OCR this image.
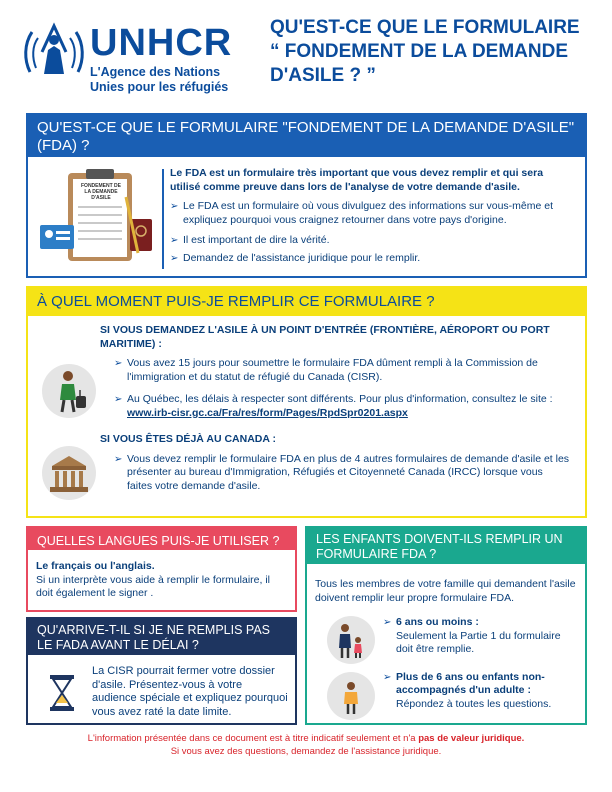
UNHCR
L'Agence des Nations
Unies pour les réfugiés
QU'EST-CE QUE LE FORMULAIRE
“ FONDEMENT DE LA DEMANDE
D'ASILE ? ”
QU'EST-CE QUE LE FORMULAIRE "FONDEMENT DE LA DEMANDE D'ASILE" (FDA) ?
FONDEMENT DE LA DEMANDE D'ASILE
Le FDA est un formulaire très important que vous devez remplir et qui sera utilisé comme preuve dans lors de l'analyse de votre demande d'asile.
➢ Le FDA est un formulaire où vous divulguez des informations sur vous-même et expliquez pourquoi vous craignez retourner dans votre pays d'origine.
➢ Il est important de dire la vérité.
➢ Demandez de l'assistance juridique pour le remplir.
À QUEL MOMENT PUIS-JE REMPLIR CE FORMULAIRE ?
SI VOUS DEMANDEZ L'ASILE À UN POINT D'ENTRÉE (FRONTIÈRE, AÉROPORT OU PORT MARITIME) :
➢ Vous avez 15 jours pour soumettre le formulaire FDA dûment rempli à la Commission de l'immigration et du statut de réfugié du Canada (CISR).
➢ Au Québec, les délais à respecter sont différents. Pour plus d'information, consultez le site : www.irb-cisr.gc.ca/Fra/res/form/Pages/RpdSpr0201.aspx
SI VOUS ÊTES DÉJÀ AU CANADA :
➢ Vous devez remplir le formulaire FDA en plus de 4 autres formulaires de demande d'asile et les présenter au bureau d'Immigration, Réfugiés et Citoyenneté Canada (IRCC) lorsque vous faites votre demande d'asile.
QUELLES LANGUES PUIS-JE UTILISER ?
Le français ou l'anglais.
Si un interprète vous aide à remplir le formulaire, il doit également le signer .
QU'ARRIVE-T-IL SI JE NE REMPLIS PAS LE FADA AVANT LE DÉLAI ?
La CISR pourrait fermer votre dossier d'asile. Présentez-vous à votre audience spéciale et expliquez pourquoi vous avez raté la date limite.
LES ENFANTS DOIVENT-ILS REMPLIR UN FORMULAIRE FDA ?
Tous les membres de votre famille qui demandent l'asile doivent remplir leur propre formulaire FDA.
➢ 6 ans ou moins :
Seulement la Partie 1 du formulaire doit être remplie.
➢ Plus de 6 ans ou enfants non-accompagnés d'un adulte :
Répondez à toutes les questions.
L'information présentée dans ce document est à titre indicatif seulement et n'a pas de valeur juridique.
Si vous avez des questions, demandez de l'assistance juridique.
